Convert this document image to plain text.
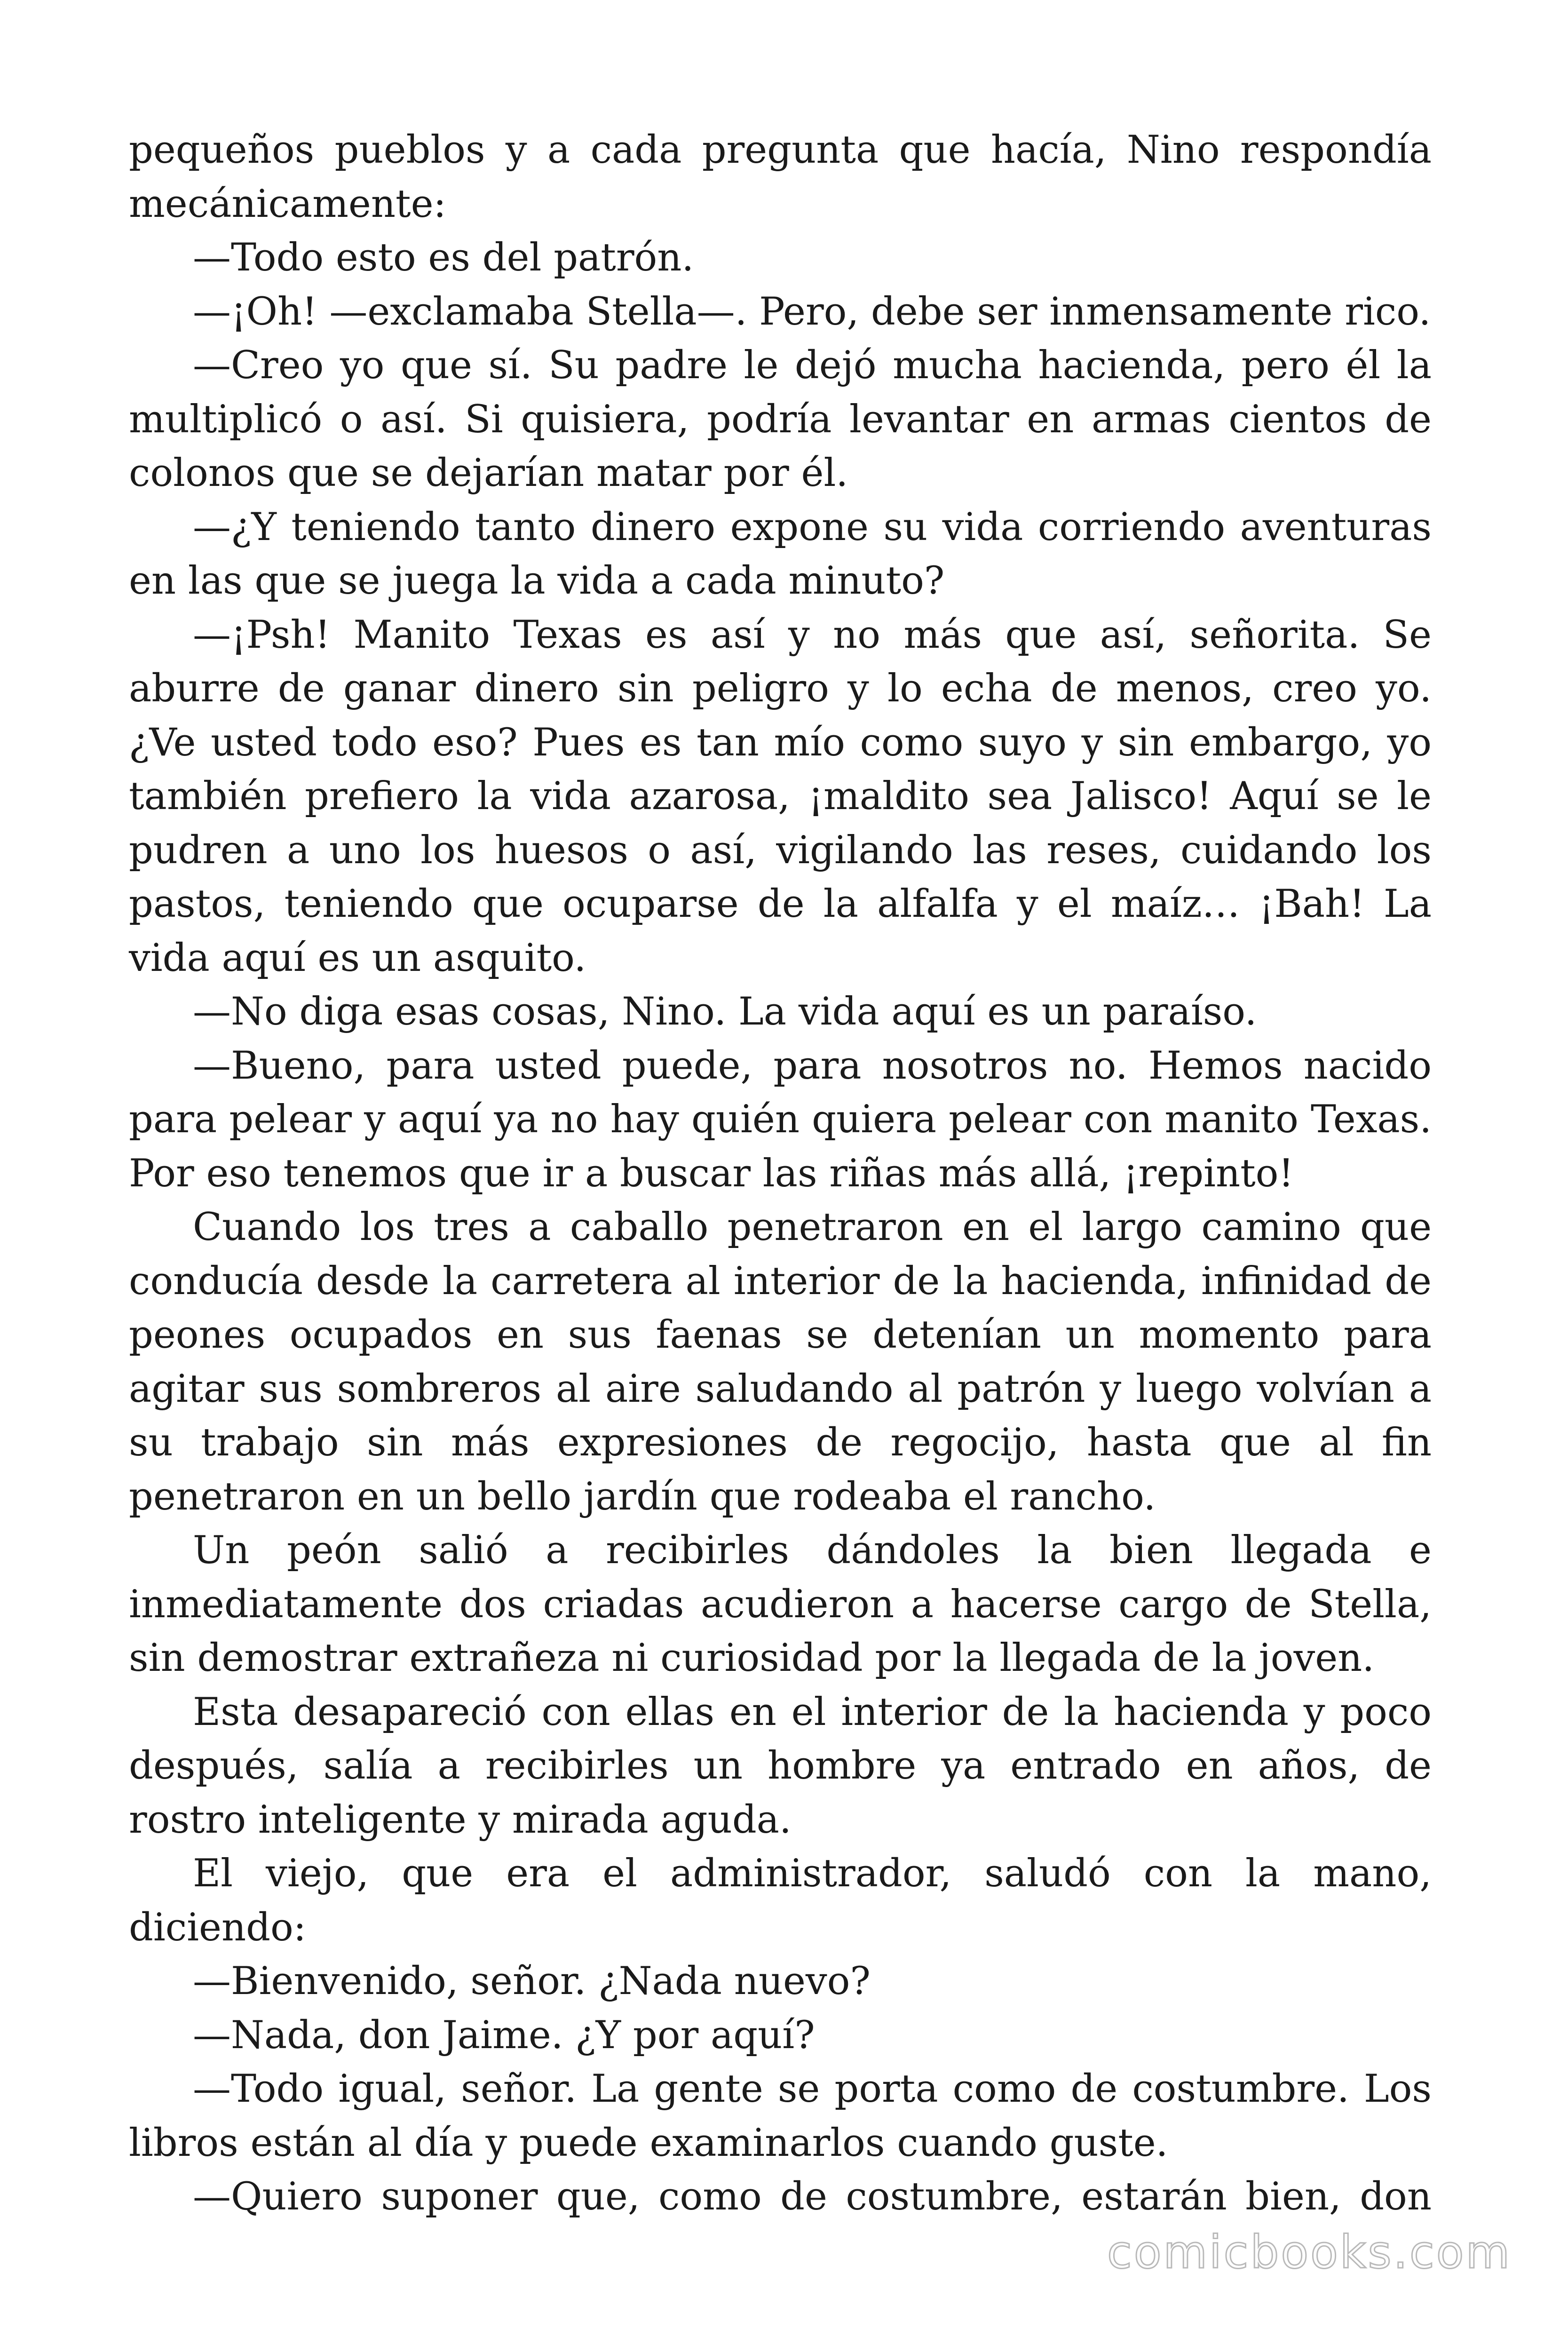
pequeños pueblos y a cada pregunta que hacía, Nino respondía mecánicamente:

—Todo esto es del patrón.

—¡Oh! —exclamaba Stella—. Pero, debe ser inmensamente rico.

—Creo yo que sí. Su padre le dejó mucha hacienda, pero él la multiplicó o así. Si quisiera, podría levantar en armas cientos de colonos que se dejarían matar por él.

—¿Y teniendo tanto dinero expone su vida corriendo aventuras en las que se juega la vida a cada minuto?

—¡Psh! Manito Texas es así y no más que así, señorita. Se aburre de ganar dinero sin peligro y lo echa de menos, creo yo. ¿Ve usted todo eso? Pues es tan mío como suyo y sin embargo, yo también prefiero la vida azarosa, ¡maldito sea Jalisco! Aquí se le pudren a uno los huesos o así, vigilando las reses, cuidando los pastos, teniendo que ocuparse de la alfalfa y el maíz… ¡Bah! La vida aquí es un asquito.

—No diga esas cosas, Nino. La vida aquí es un paraíso.

—Bueno, para usted puede, para nosotros no. Hemos nacido para pelear y aquí ya no hay quién quiera pelear con manito Texas. Por eso tenemos que ir a buscar las riñas más allá, ¡repinto!

Cuando los tres a caballo penetraron en el largo camino que conducía desde la carretera al interior de la hacienda, infinidad de peones ocupados en sus faenas se detenían un momento para agitar sus sombreros al aire saludando al patrón y luego volvían a su trabajo sin más expresiones de regocijo, hasta que al fin penetraron en un bello jardín que rodeaba el rancho.

Un peón salió a recibirles dándoles la bien llegada e inmediatamente dos criadas acudieron a hacerse cargo de Stella, sin demostrar extrañeza ni curiosidad por la llegada de la joven.

Esta desapareció con ellas en el interior de la hacienda y poco después, salía a recibirles un hombre ya entrado en años, de rostro inteligente y mirada aguda.

El viejo, que era el administrador, saludó con la mano, diciendo:

—Bienvenido, señor. ¿Nada nuevo?

—Nada, don Jaime. ¿Y por aquí?

—Todo igual, señor. La gente se porta como de costumbre. Los libros están al día y puede examinarlos cuando guste.

—Quiero suponer que, como de costumbre, estarán bien, don

comicbooks.com
